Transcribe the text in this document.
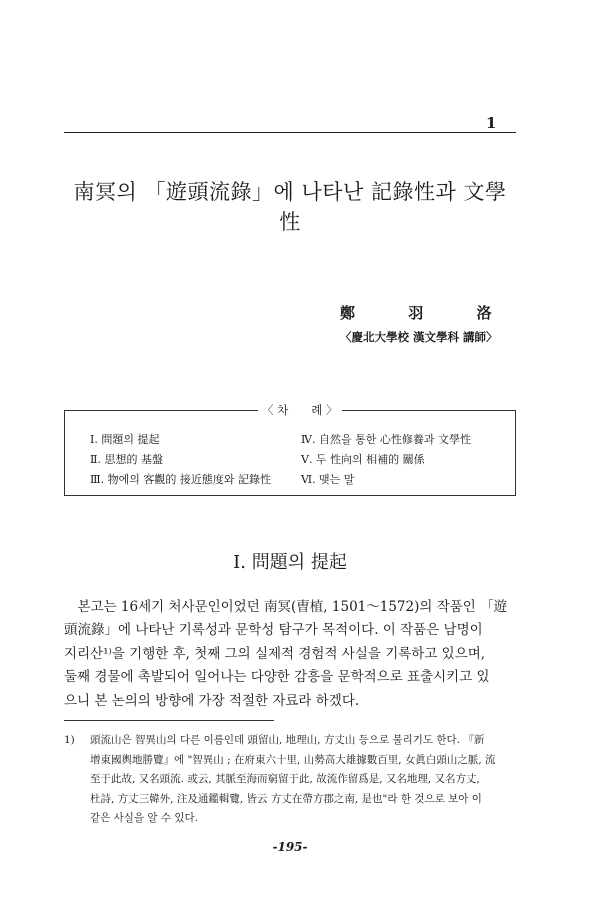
1
南冥의 「遊頭流錄」에 나타난 記錄性과 文學性
鄭 羽 洛
〈慶北大學校 漢文學科 講師〉
〈 차　　례 〉
Ⅰ. 問題의 提起
Ⅱ. 思想的 基盤
Ⅲ. 物에의 客觀的 接近態度와 記錄性
Ⅳ. 自然을 통한 心性修養과 文學性
Ⅴ. 두 性向의 相補的 關係
Ⅵ. 맺는 말
Ⅰ. 問題의 提起
　본고는 16세기 처사문인이었던 南冥(曺植, 1501～1572)의 작품인 「遊
頭流錄」에 나타난 기록성과 문학성 탐구가 목적이다. 이 작품은 남명이
지리산¹⁾을 기행한 후, 첫째 그의 실제적 경험적 사실을 기록하고 있으며,
둘째 경물에 촉발되어 일어나는 다양한 감흥을 문학적으로 표출시키고 있
으니 본 논의의 방향에 가장 적절한 자료라 하겠다.
1) 頭流山은 智異山의 다른 이름인데 頭留山, 地理山, 方丈山 등으로 불리기도 한다. 『新
增東國輿地勝覽』에 "智異山 ; 在府東六十里, 山勢高大雄據數百里, 女眞白頭山之脈, 流
至于此故, 又名頭流. 或云, 其脈至海而窮留于此, 故流作留爲是, 又名地理, 又名方丈,
杜詩, 方丈三韓外, 注及通鑑輯覽, 皆云 方丈在帶方郡之南, 是也"라 한 것으로 보아 이
같은 사실을 알 수 있다.
-195-
